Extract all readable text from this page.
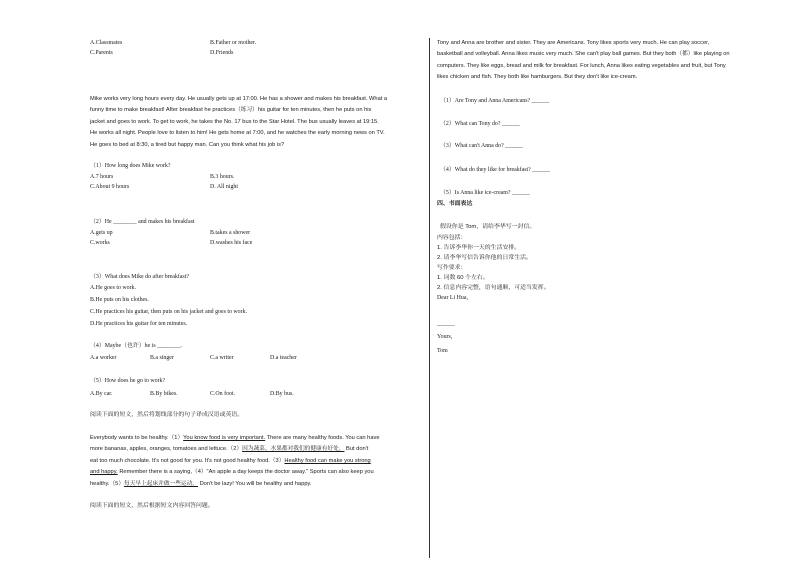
A.Classmates	B.Father or mother.
C.Parents	D.Friends
Mike works very long hours every day. He usually gets up at 17:00. He has a shower and makes his breakfast. What a
funny time to make breakfast! After breakfast he practices（练习）his guitar for ten minutes, then he puts on his
jacket and goes to work. To get to work, he takes the No. 17 bus to the Star Hotel. The bus usually leaves at 19:15.
He works all night. People love to listen to him! He gets home at 7:00, and he watches the early morning news on TV.
He goes to bed at 8:30, a tired but happy man. Can you think what his job is?
（1）How long does Mike work?
A.7 hours	B.3 hours.
C.About 9 hours	D. All night
（2）He ________ and makes his breakfast
A.gets up	B.takes a shower
C.works	D.washes his face
（3）What does Mike do after breakfast?
A.He goes to work.
B.He puts on his clothes.
C.He practices his guitar, then puts on his jacket and goes to work.
D.He practices his guitar for ten minutes.
（4）Maybe（也许）he is ________.
A.a worker	B.a singer	C.a writer	D.a teacher
（5）How does he go to work?
A.By car.	B.By bikes.	C.On foot.	D.By bus.
阅读下面的短文，然后将划线部分的句子译成汉语或英语。
Everybody wants to be healthy.（1）You know food is very important. There are many healthy foods. You can have
more bananas, apples, oranges, tomatoes and lettuce.（2）因为蔬菜、水果都对我们的健康有好处。 But don't
eat too much chocolate. It's not good for you. It's not good healthy food.（3）Healthy food can make you strong
and happy. Remember there is a saying,（4）"An apple a day keeps the doctor away." Sports can also keep you
healthy.（5）每天早上起床并做一些运动。 Don't be lazy! You will be healthy and happy.
阅读下面的短文，然后根据短文内容回答问题。
Tony and Anna are brother and sister. They are Americans. Tony likes sports very much. He can play soccer,
basketball and volleyball. Anna likes music very much. She can't play ball games. But they both（都）like playing on
computers. They like eggs, bread and milk for breakfast. For lunch, Anna likes eating vegetables and fruit, but Tony
likes chicken and fish. They both like hamburgers. But they don't like ice-cream.
（1）Are Tony and Anna Americans? ______
（2）What can Tony do? ______
（3）What can't Anna do? ______
（4）What do they like for breakfast? ______
（5）Is Anna like ice-cream? ______
四、书面表达
假设你是 Tom，请给李华写一封信。
内容包括：
1. 告诉李华你一天的生活安排。
2. 请李华写信告诉你他的日常生活。
写作要求：
1. 词数 60 个左右。
2. 信息内容完整，语句通顺，可适当发挥。
Dear Li Hua,
______
Yours,
Tom
